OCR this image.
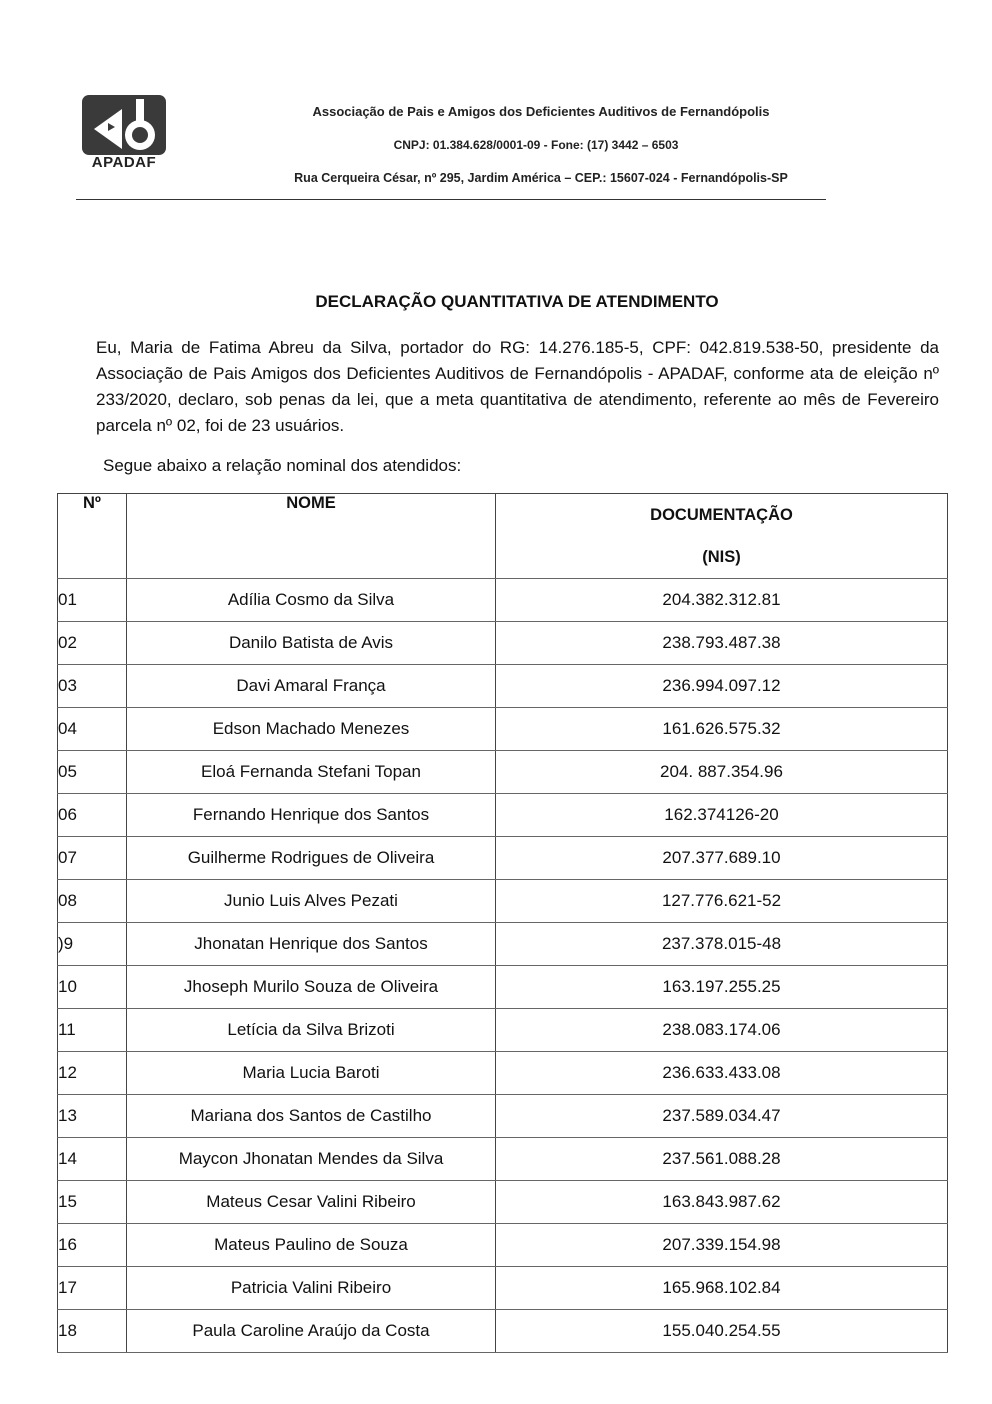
APADAF
Associação de Pais e Amigos dos Deficientes Auditivos de Fernandópolis
CNPJ: 01.384.628/0001-09 - Fone: (17) 3442 – 6503
Rua Cerqueira César, nº 295, Jardim América – CEP.: 15607-024 - Fernandópolis-SP
DECLARAÇÃO QUANTITATIVA DE ATENDIMENTO
Eu, Maria de Fatima Abreu da Silva, portador do RG: 14.276.185-5, CPF: 042.819.538-50, presidente da Associação de Pais Amigos dos Deficientes Auditivos de Fernandópolis - APADAF, conforme ata de eleição nº 233/2020, declaro, sob penas da lei, que a meta quantitativa de atendimento, referente ao mês de Fevereiro parcela nº 02, foi de 23 usuários.
Segue abaixo a relação nominal dos atendidos:
Nº	NOME	DOCUMENTAÇÃO
(NIS)

01	Adília Cosmo da Silva	204.382.312.81
02	Danilo Batista de Avis	238.793.487.38
03	Davi Amaral França	236.994.097.12
04	Edson Machado Menezes	161.626.575.32
05	Eloá Fernanda Stefani Topan	204. 887.354.96
06	Fernando Henrique dos Santos	162.374126-20
07	Guilherme Rodrigues de Oliveira	207.377.689.10
08	Junio Luis Alves Pezati	127.776.621-52
)9	Jhonatan Henrique dos Santos	237.378.015-48
10	Jhoseph Murilo Souza de Oliveira	163.197.255.25
11	Letícia da Silva Brizoti	238.083.174.06
12	Maria Lucia Baroti	236.633.433.08
13	Mariana dos Santos de Castilho	237.589.034.47
14	Maycon Jhonatan Mendes da Silva	237.561.088.28
15	Mateus Cesar Valini Ribeiro	163.843.987.62
16	Mateus Paulino de Souza	207.339.154.98
17	Patricia Valini Ribeiro	165.968.102.84
18	Paula Caroline Araújo da Costa	155.040.254.55
